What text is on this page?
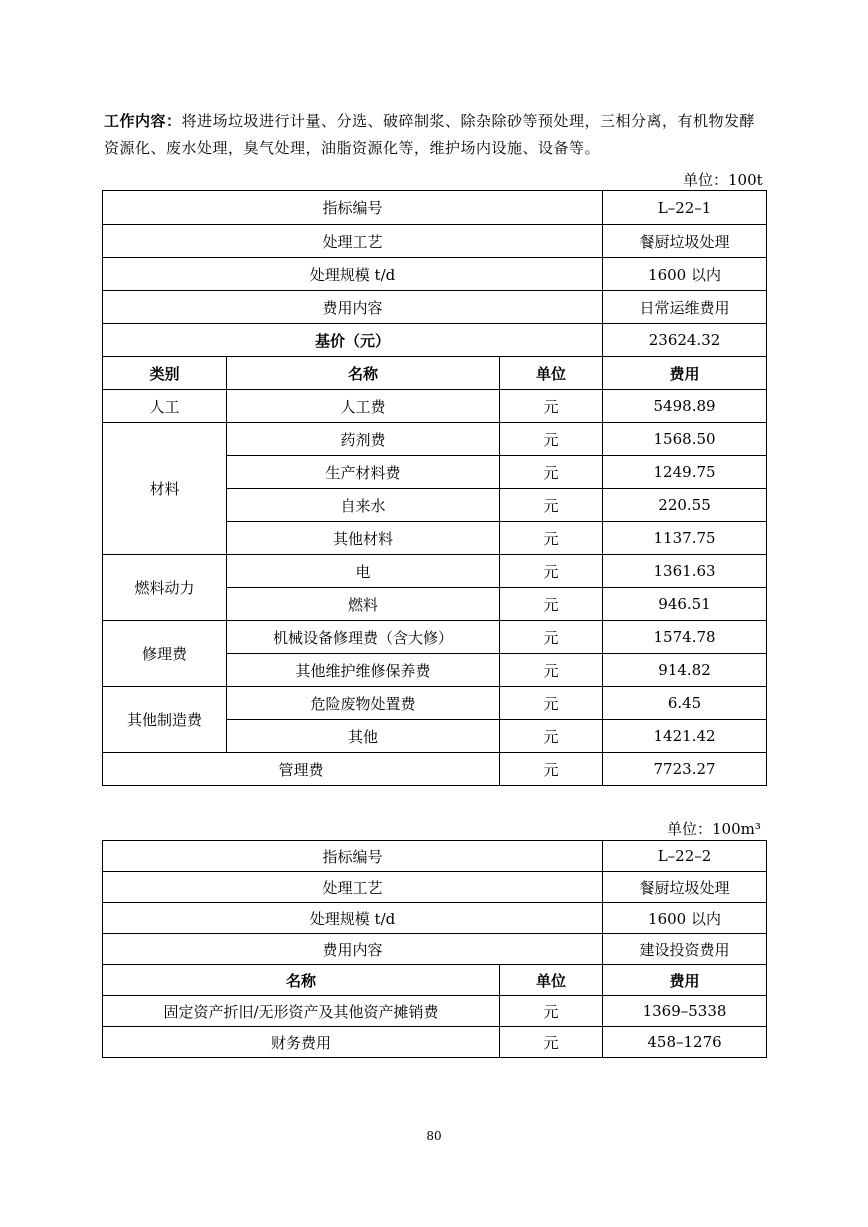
工作内容：将进场垃圾进行计量、分选、破碎制浆、除杂除砂等预处理，三相分离，有机物发酵资源化、废水处理，臭气处理，油脂资源化等，维护场内设施、设备等。
单位：100t
指标编号			L–22–1
处理工艺			餐厨垃圾处理
处理规模 t/d			1600 以内
费用内容			日常运维费用
基价（元）			23624.32
类别	名称	单位	费用
人工	人工费	元	5498.89
材料	药剂费	元	1568.50
	生产材料费	元	1249.75
	自来水	元	220.55
	其他材料	元	1137.75
燃料动力	电	元	1361.63
	燃料	元	946.51
修理费	机械设备修理费（含大修）	元	1574.78
	其他维护维修保养费	元	914.82
其他制造费	危险废物处置费	元	6.45
	其他	元	1421.42
管理费		元	7723.27
单位：100m³
指标编号		L–22–2
处理工艺		餐厨垃圾处理
处理规模 t/d		1600 以内
费用内容		建设投资费用
名称	单位	费用
固定资产折旧/无形资产及其他资产摊销费	元	1369–5338
财务费用	元	458–1276
80
